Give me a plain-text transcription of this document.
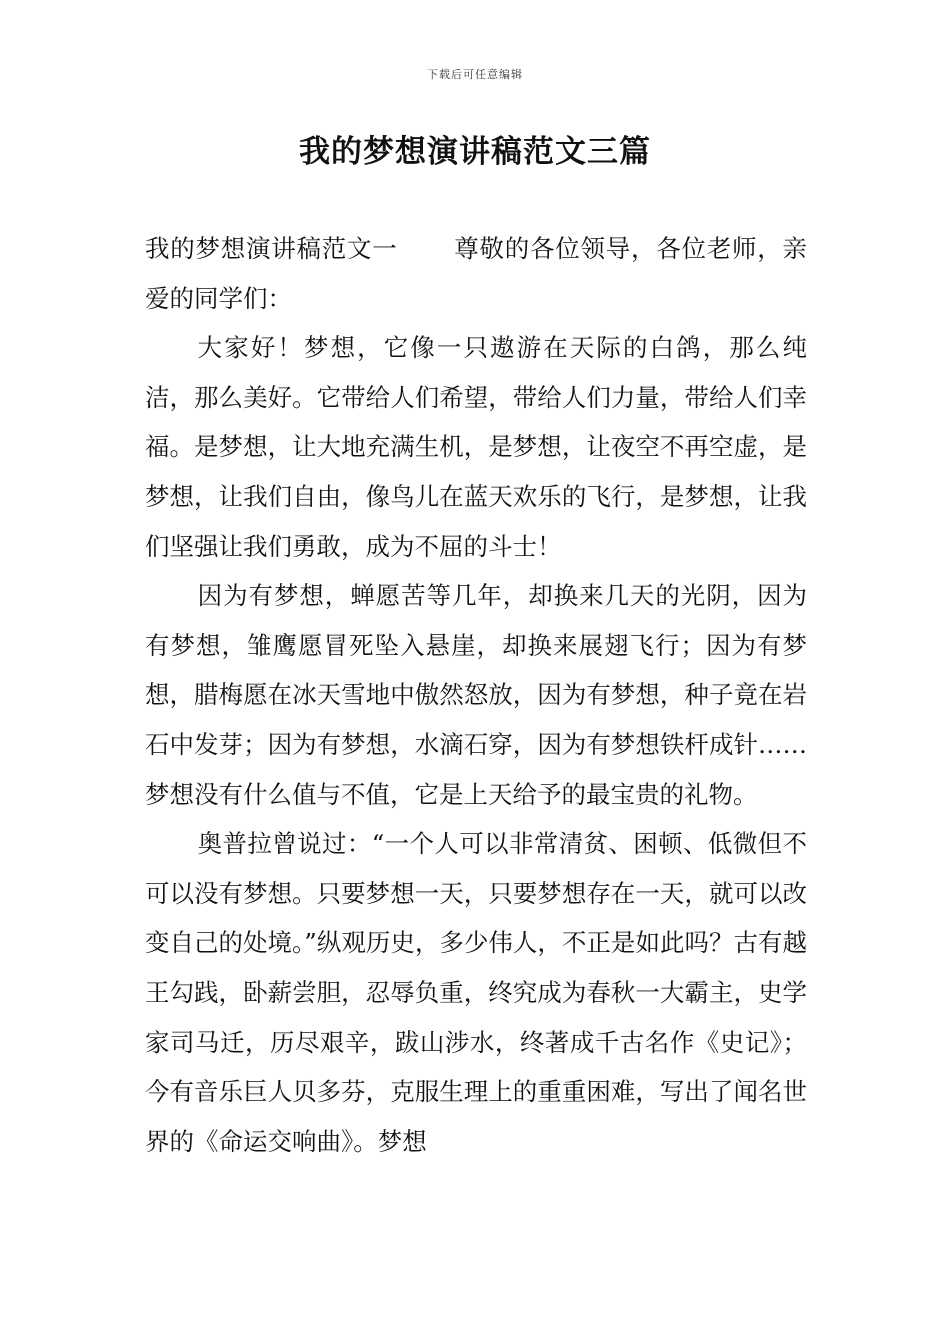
下载后可任意编辑
我的梦想演讲稿范文三篇

我的梦想演讲稿范文一 尊敬的各位领导，各位老师，亲爱的同学们：

大家好！梦想，它像一只遨游在天际的白鸽，那么纯洁，那么美好。它带给人们希望，带给人们力量，带给人们幸福。是梦想，让大地充满生机，是梦想，让夜空不再空虚，是梦想，让我们自由，像鸟儿在蓝天欢乐的飞行，是梦想，让我们坚强让我们勇敢，成为不屈的斗士！

因为有梦想，蝉愿苦等几年，却换来几天的光阴，因为有梦想，雏鹰愿冒死坠入悬崖，却换来展翅飞行；因为有梦想，腊梅愿在冰天雪地中傲然怒放，因为有梦想，种子竟在岩石中发芽；因为有梦想，水滴石穿，因为有梦想铁杆成针……梦想没有什么值与不值，它是上天给予的最宝贵的礼物。

奥普拉曾说过：“一个人可以非常清贫、困顿、低微但不可以没有梦想。只要梦想一天，只要梦想存在一天，就可以改变自己的处境。”纵观历史，多少伟人，不正是如此吗？古有越王勾践，卧薪尝胆，忍辱负重，终究成为春秋一大霸主，史学家司马迁，历尽艰辛，跋山涉水，终著成千古名作《史记》；今有音乐巨人贝多芬，克服生理上的重重困难，写出了闻名世界的《命运交响曲》。梦想
